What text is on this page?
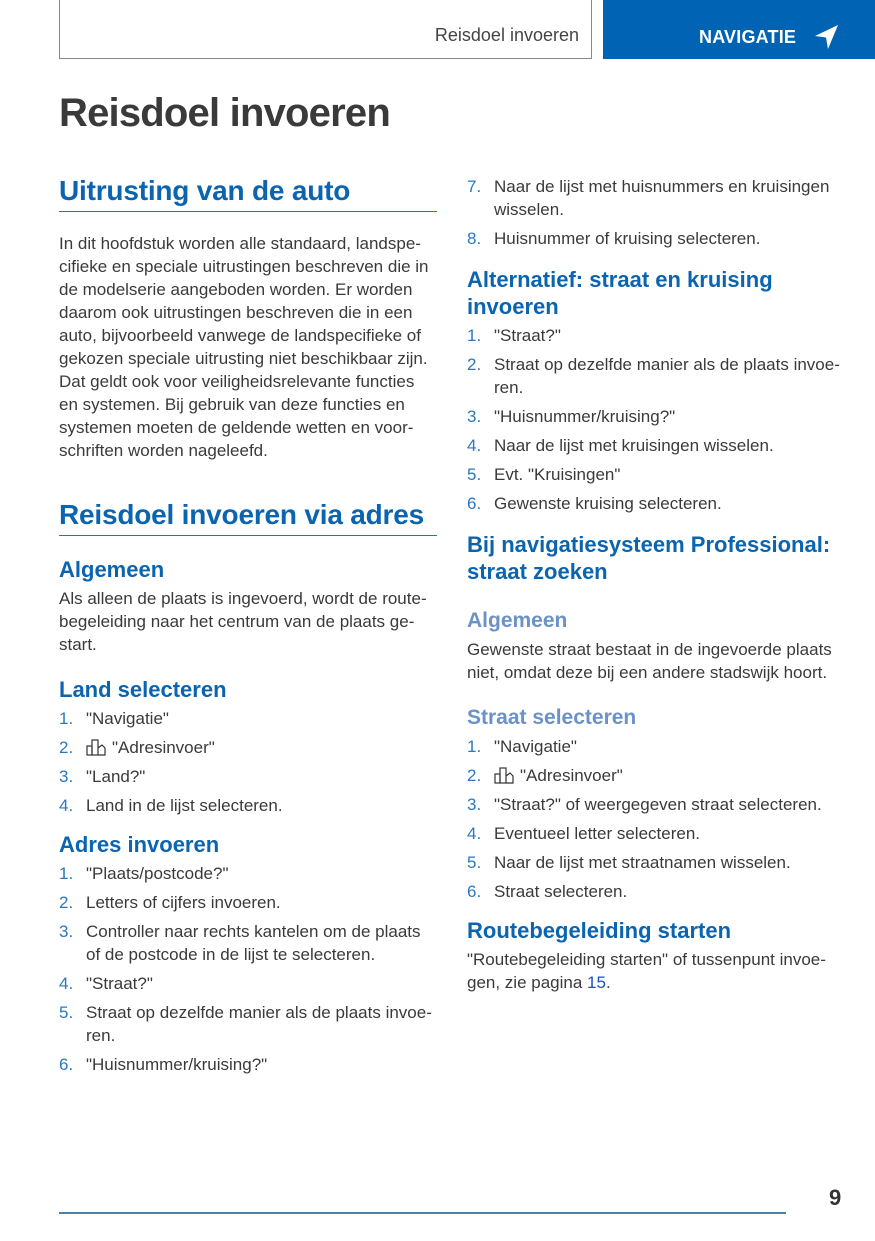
Reisdoel invoeren	NAVIGATIE
Reisdoel invoeren
Uitrusting van de auto

In dit hoofdstuk worden alle standaard, landspecifieke en speciale uitrustingen beschreven die in de modelserie aangeboden worden. Er worden daarom ook uitrustingen beschreven die in een auto, bijvoorbeeld vanwege de landspecifieke of gekozen speciale uitrusting niet beschikbaar zijn. Dat geldt ook voor veiligheidsrelevante functies en systemen. Bij gebruik van deze functies en systemen moeten de geldende wetten en voorschriften worden nageleefd.

Reisdoel invoeren via adres
Algemeen

Als alleen de plaats is ingevoerd, wordt de routebegeleiding naar het centrum van de plaats gestart.

Land selecteren
1. "Navigatie"
2. "Adresinvoer"
3. "Land?"
4. Land in de lijst selecteren.
Adres invoeren
1. "Plaats/postcode?"
2. Letters of cijfers invoeren.
3. Controller naar rechts kantelen om de plaats of de postcode in de lijst te selecteren.
4. "Straat?"
5. Straat op dezelfde manier als de plaats invoeren.
6. "Huisnummer/kruising?"
7. Naar de lijst met huisnummers en kruisingen wisselen.
8. Huisnummer of kruising selecteren.
Alternatief: straat en kruising invoeren
1. "Straat?"
2. Straat op dezelfde manier als de plaats invoeren.
3. "Huisnummer/kruising?"
4. Naar de lijst met kruisingen wisselen.
5. Evt. "Kruisingen"
6. Gewenste kruising selecteren.
Bij navigatiesysteem Professional: straat zoeken
Algemeen

Gewenste straat bestaat in de ingevoerde plaats niet, omdat deze bij een andere stadswijk hoort.

Straat selecteren
1. "Navigatie"
2. "Adresinvoer"
3. "Straat?" of weergegeven straat selecteren.
4. Eventueel letter selecteren.
5. Naar de lijst met straatnamen wisselen.
6. Straat selecteren.
Routebegeleiding starten

"Routebegeleiding starten" of tussenpunt invoegen, zie pagina 15.

9
